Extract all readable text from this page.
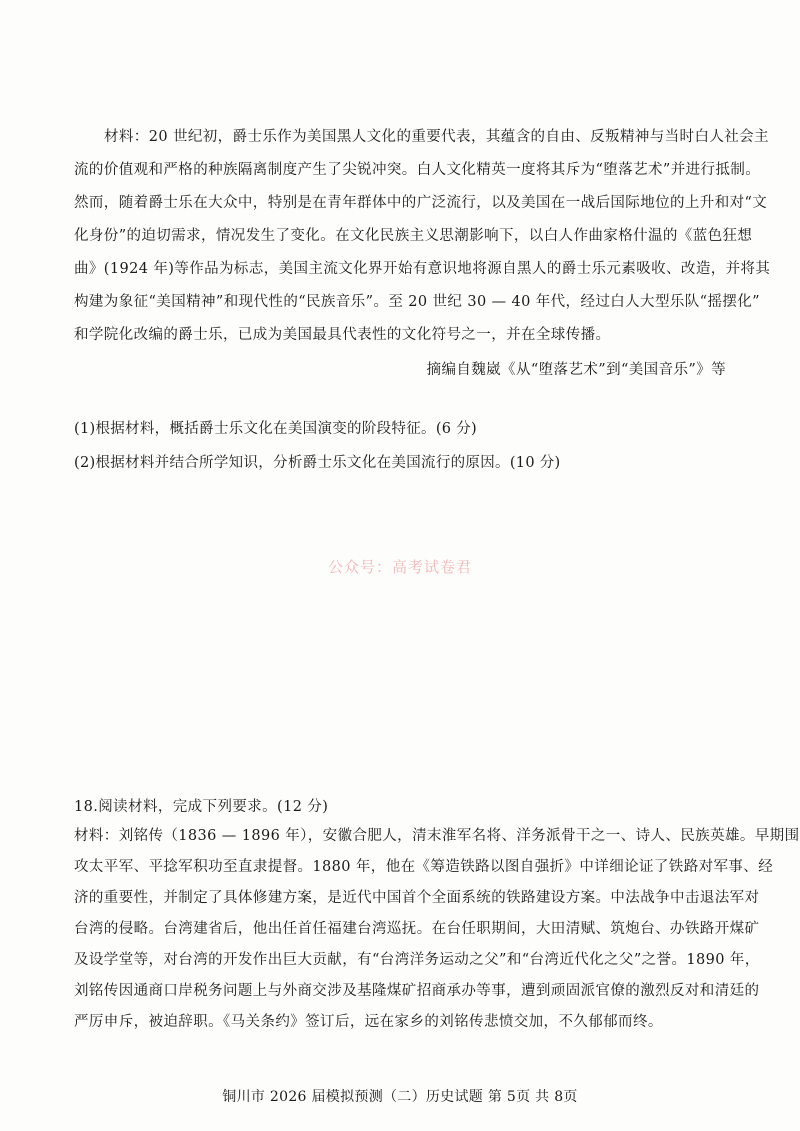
材料：20 世纪初，爵士乐作为美国黑人文化的重要代表，其蕴含的自由、反叛精神与当时白人社会主
流的价值观和严格的种族隔离制度产生了尖锐冲突。白人文化精英一度将其斥为“堕落艺术”并进行抵制。
然而，随着爵士乐在大众中，特别是在青年群体中的广泛流行，以及美国在一战后国际地位的上升和对“文
化身份”的迫切需求，情况发生了变化。在文化民族主义思潮影响下，以白人作曲家格什温的《蓝色狂想
曲》(1924 年)等作品为标志，美国主流文化界开始有意识地将源自黑人的爵士乐元素吸收、改造，并将其
构建为象征“美国精神”和现代性的“民族音乐”。至 20 世纪 30 — 40 年代，经过白人大型乐队“摇摆化”
和学院化改编的爵士乐，已成为美国最具代表性的文化符号之一，并在全球传播。
摘编自魏崴《从“堕落艺术”到“美国音乐”》等
(1)根据材料，概括爵士乐文化在美国演变的阶段特征。(6 分)
(2)根据材料并结合所学知识，分析爵士乐文化在美国流行的原因。(10 分)
公众号：高考试卷君
18.阅读材料，完成下列要求。(12 分)
材料：刘铭传（1836 — 1896 年），安徽合肥人，清末淮军名将、洋务派骨干之一、诗人、民族英雄。早期围
攻太平军、平捻军积功至直隶提督。1880 年，他在《筹造铁路以图自强折》中详细论证了铁路对军事、经
济的重要性，并制定了具体修建方案，是近代中国首个全面系统的铁路建设方案。中法战争中击退法军对
台湾的侵略。台湾建省后，他出任首任福建台湾巡抚。在台任职期间，大田清赋、筑炮台、办铁路开煤矿
及设学堂等，对台湾的开发作出巨大贡献，有“台湾洋务运动之父”和“台湾近代化之父”之誉。1890 年，
刘铭传因通商口岸税务问题上与外商交涉及基隆煤矿招商承办等事，遭到顽固派官僚的激烈反对和清廷的
严厉申斥，被迫辞职。《马关条约》签订后，远在家乡的刘铭传悲愤交加，不久郁郁而终。
铜川市 2026 届模拟预测（二）历史试题 第 5页 共 8页
